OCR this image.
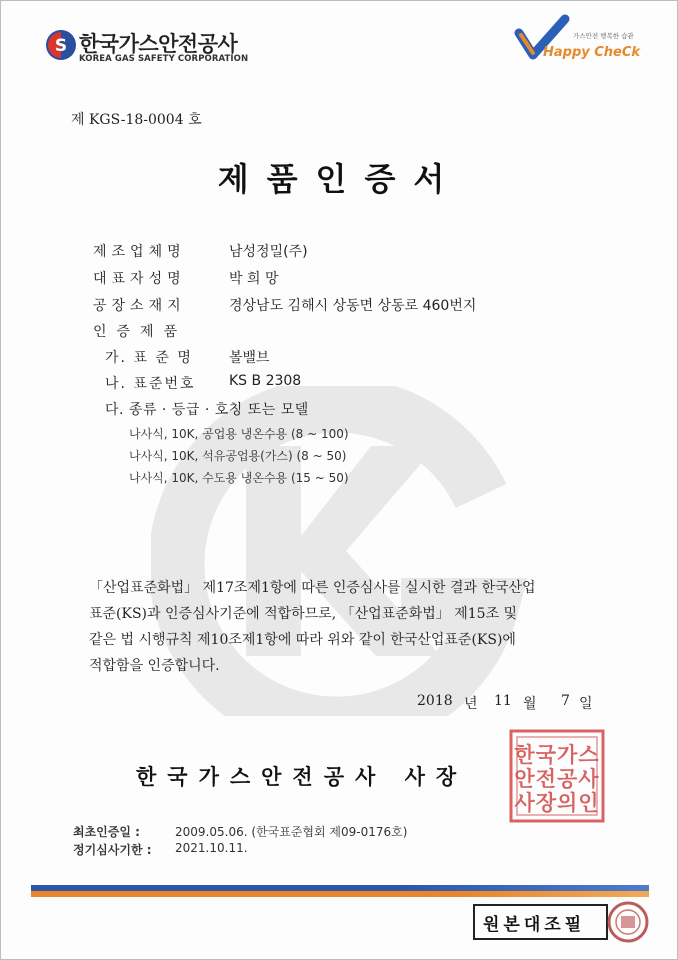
S 한국가스안전공사
KOREA GAS SAFETY CORPORATION
가스안전 행복한 습관
Happy CheCk
제 KGS-18-0004 호
제품인증서
제조업체명	남성정밀(주)
대표자성명	박 희 망
공장소재지	경상남도 김해시 상동면 상동로 460번지
인증제품
가. 표 준 명	볼밸브
나. 표준번호 KS B 2308
다. 종류 · 등급 · 호칭 또는 모델
나사식, 10K, 공업용 냉온수용 (8 ~ 100)
나사식, 10K, 석유공업용(가스) (8 ~ 50)
나사식, 10K, 수도용 냉온수용 (15 ~ 50)
「산업표준화법」 제17조제1항에 따른 인증심사를 실시한 결과 한국산업
표준(KS)과 인증심사기준에 적합하므로, 「산업표준화법」 제15조 및
같은 법 시행규칙 제10조제1항에 따라 위와 같이 한국산업표준(KS)에
적합함을 인증합니다.
2018 년 11 월 7 일
한국가스안전공사 사장
한국가스
안전공사
사장의인
최초인증일 :	2009.05.06. (한국표준협회 제09-0176호)
정기심사기한 : 2021.10.11.
원본대조필
